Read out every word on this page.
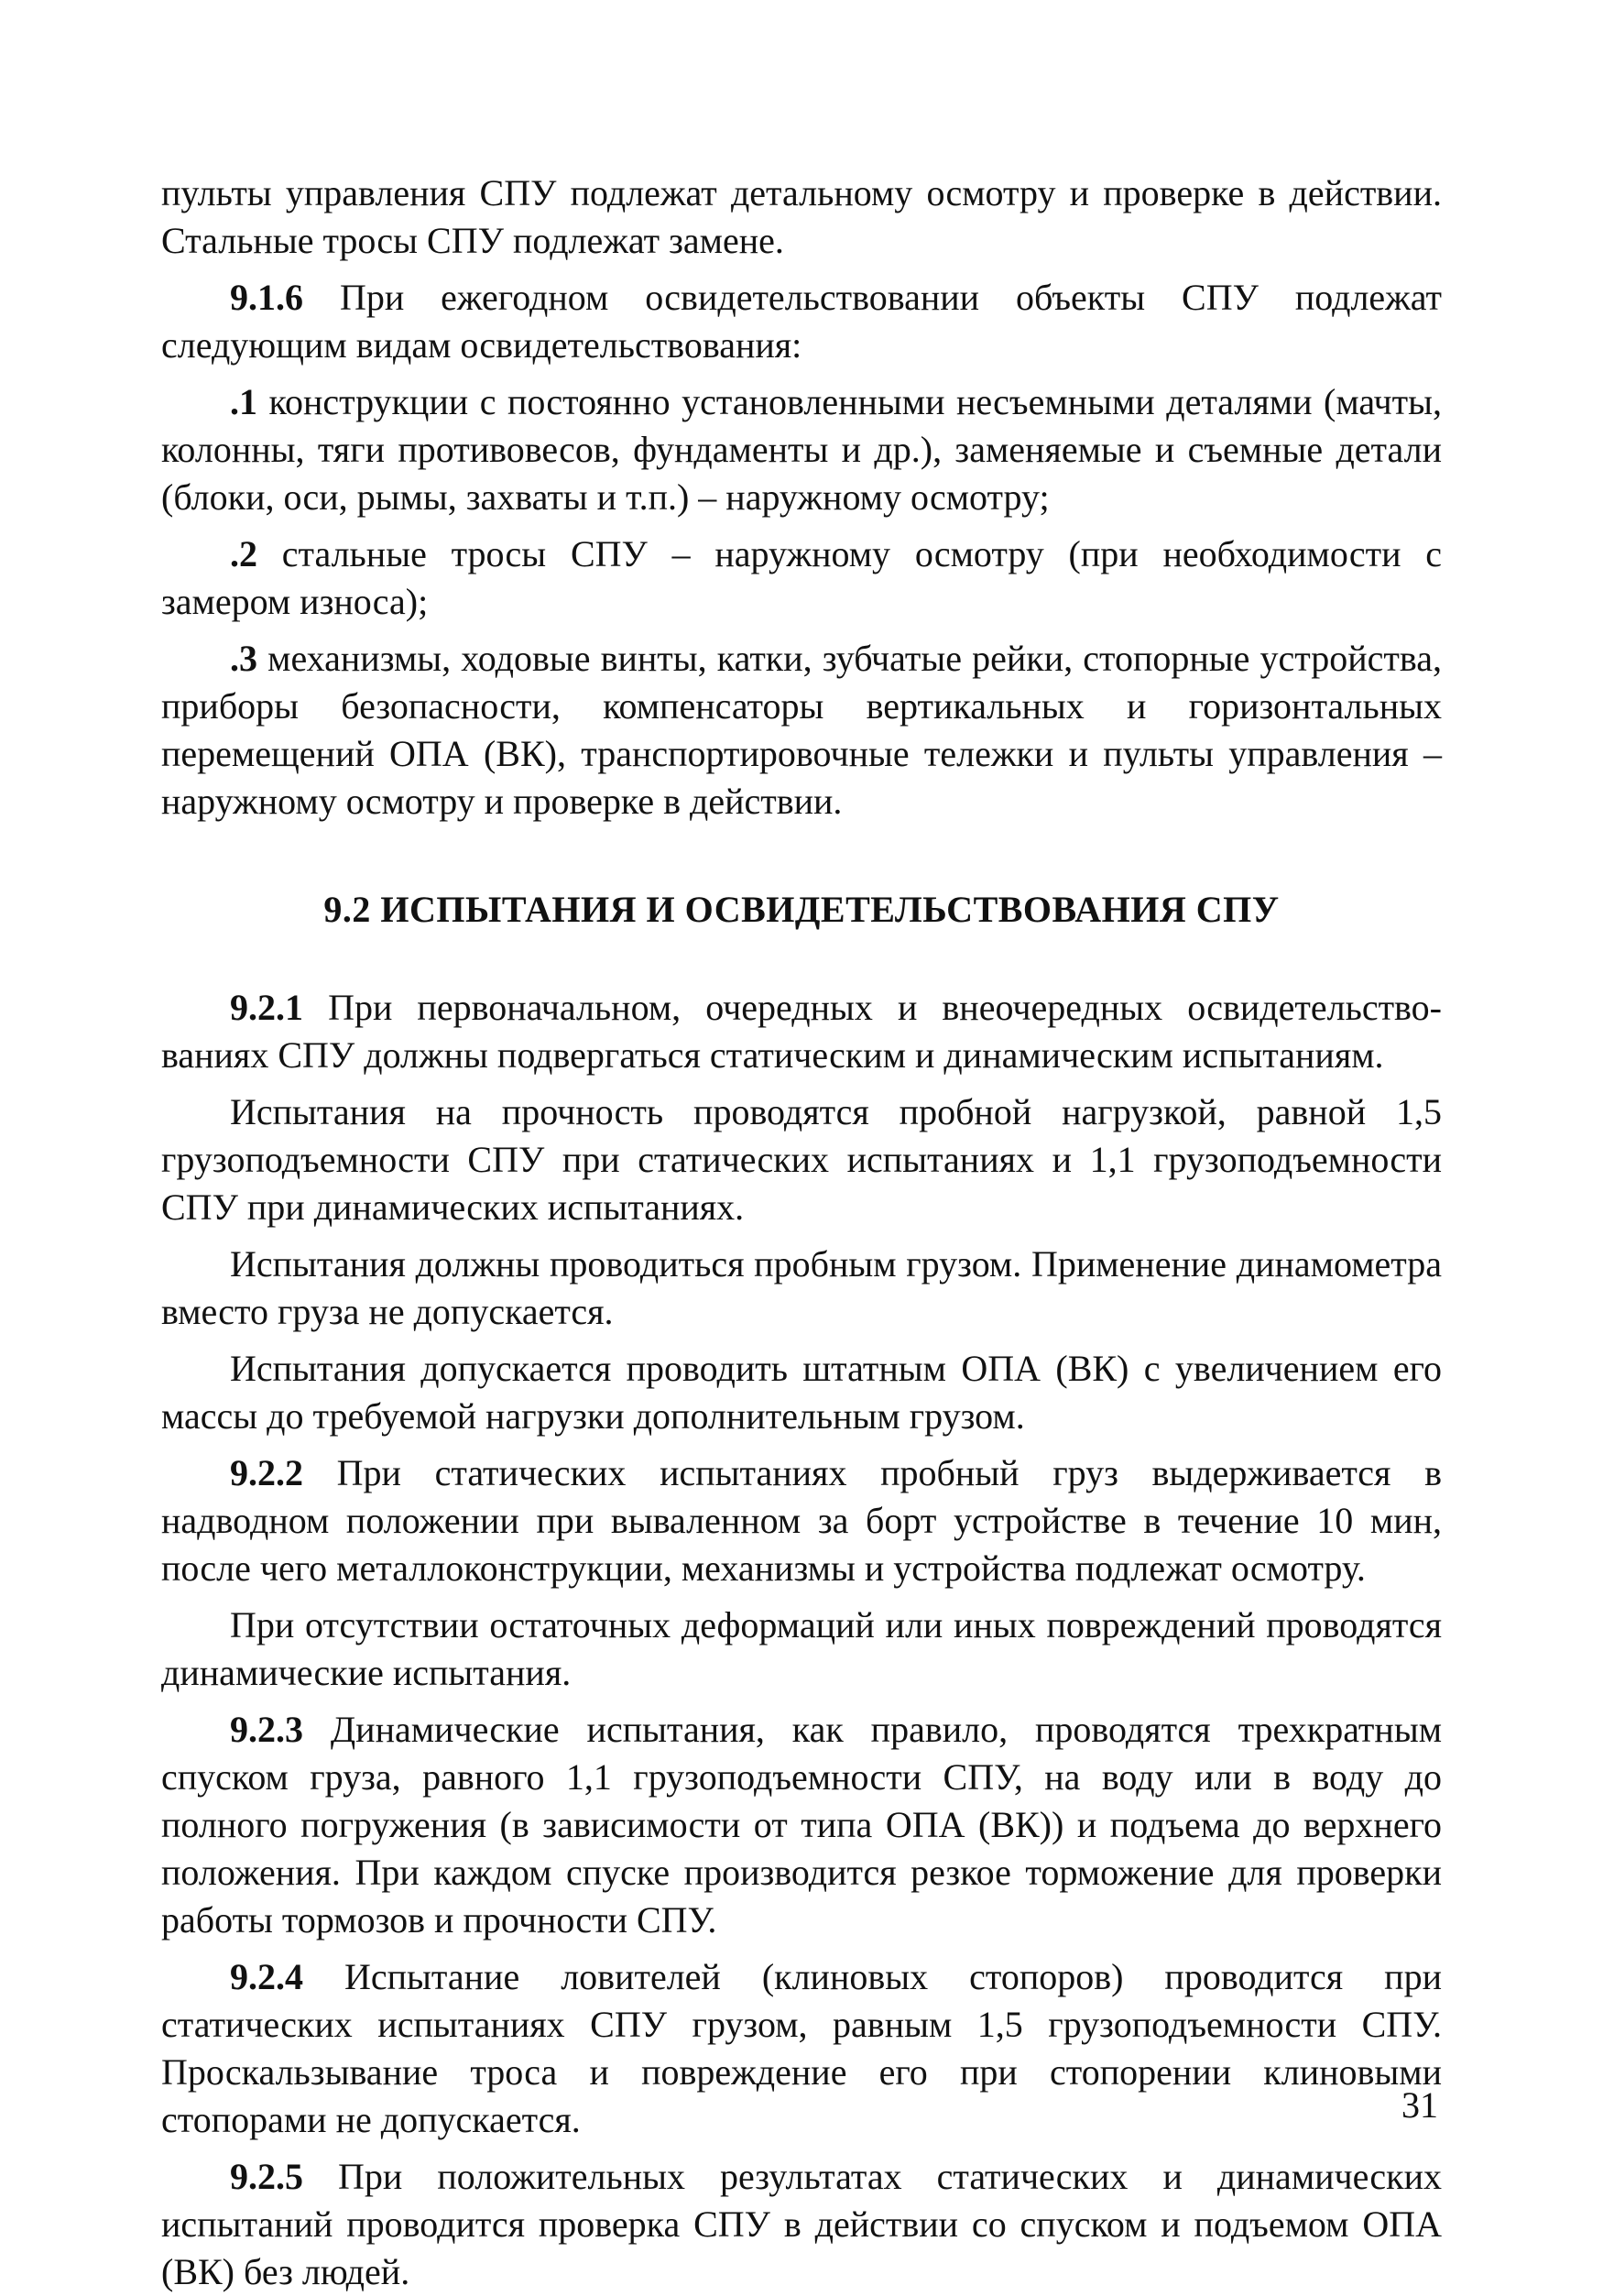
пульты управления СПУ подлежат детальному осмотру и проверке в действии. Стальные тросы СПУ подлежат замене.

9.1.6 При ежегодном освидетельствовании объекты СПУ подлежат следующим видам освидетельствования:

.1 конструкции с постоянно установленными несъемными деталями (мачты, колонны, тяги противовесов, фундаменты и др.), заменяемые и съемные детали (блоки, оси, рымы, захваты и т.п.) – наружному осмотру;

.2 стальные тросы СПУ – наружному осмотру (при необходимости с замером износа);

.3 механизмы, ходовые винты, катки, зубчатые рейки, стопорные устройства, приборы безопасности, компенсаторы вертикальных и горизонтальных перемещений ОПА (ВК), транспортировочные тележки и пульты управления – наружному осмотру и проверке в действии.

9.2 ИСПЫТАНИЯ И ОСВИДЕТЕЛЬСТВОВАНИЯ СПУ

9.2.1 При первоначальном, очередных и внеочередных освидетельствованиях СПУ должны подвергаться статическим и динамическим испытаниям.

Испытания на прочность проводятся пробной нагрузкой, равной 1,5 грузоподъемности СПУ при статических испытаниях и 1,1 грузоподъемности СПУ при динамических испытаниях.

Испытания должны проводиться пробным грузом. Применение динамометра вместо груза не допускается.

Испытания допускается проводить штатным ОПА (ВК) с увеличением его массы до требуемой нагрузки дополнительным грузом.

9.2.2 При статических испытаниях пробный груз выдерживается в надводном положении при вываленном за борт устройстве в течение 10 мин, после чего металлоконструкции, механизмы и устройства подлежат осмотру.

При отсутствии остаточных деформаций или иных повреждений проводятся динамические испытания.

9.2.3 Динамические испытания, как правило, проводятся трехкратным спуском груза, равного 1,1 грузоподъемности СПУ, на воду или в воду до полного погружения (в зависимости от типа ОПА (ВК)) и подъема до верхнего положения. При каждом спуске производится резкое торможение для проверки работы тормозов и прочности СПУ.

9.2.4 Испытание ловителей (клиновых стопоров) проводится при статических испытаниях СПУ грузом, равным 1,5 грузоподъемности СПУ. Проскальзывание троса и повреждение его при стопорении клиновыми стопорами не допускается.

9.2.5 При положительных результатах статических и динамических испытаний проводится проверка СПУ в действии со спуском и подъемом ОПА (ВК) без людей.

31
